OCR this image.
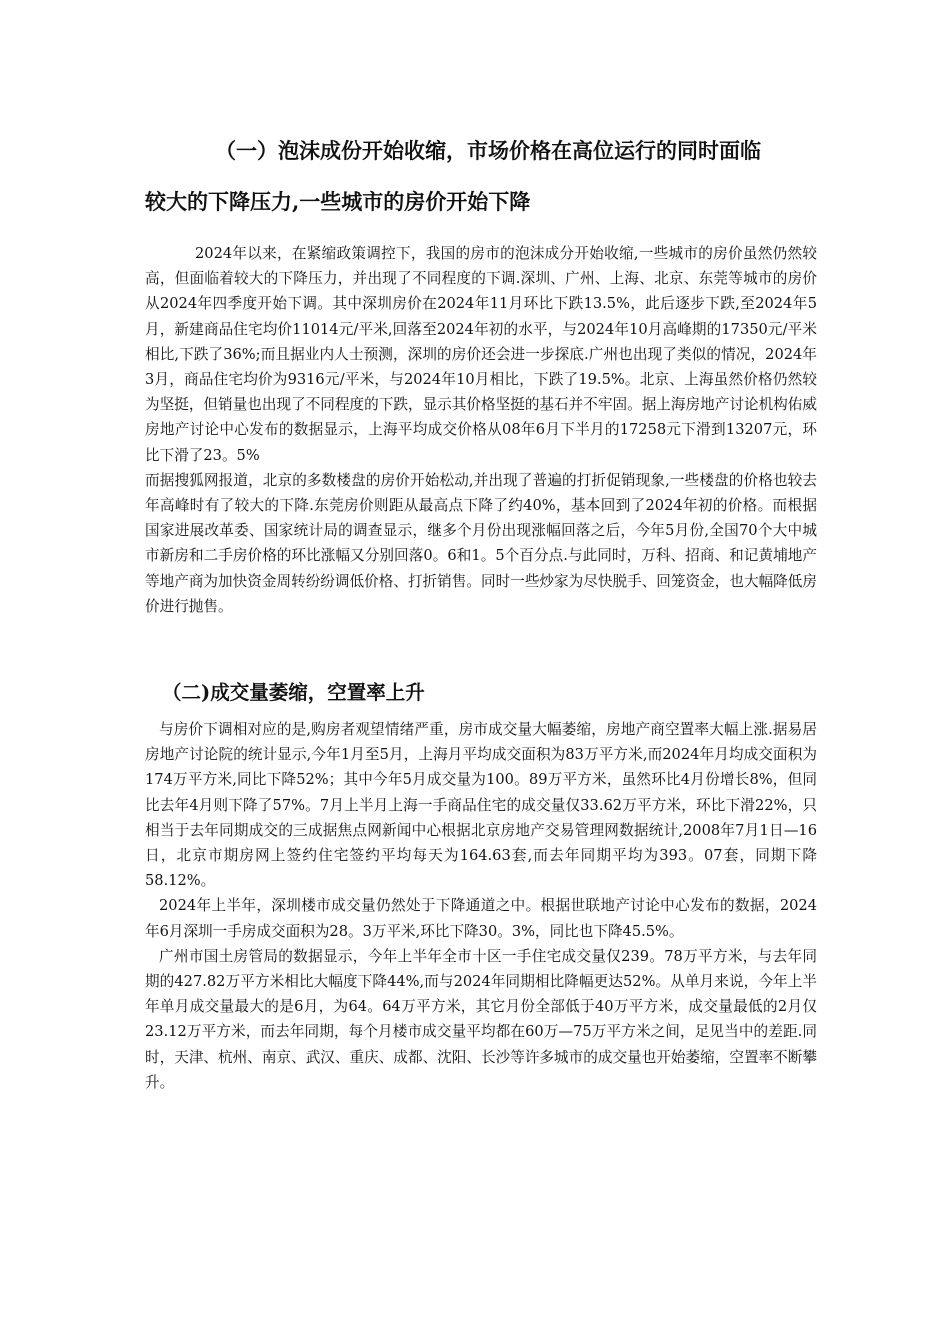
（一）泡沫成份开始收缩，市场价格在高位运行的同时面临
较大的下降压力,一些城市的房价开始下降

2024年以来，在紧缩政策调控下，我国的房市的泡沫成分开始收缩,一些城市的房价虽然仍然较高，但面临着较大的下降压力，并出现了不同程度的下调.深圳、广州、上海、北京、东莞等城市的房价从2024年四季度开始下调。其中深圳房价在2024年11月环比下跌13.5%，此后逐步下跌,至2024年5月，新建商品住宅均价11014元/平米,回落至2024年初的水平，与2024年10月高峰期的17350元/平米相比,下跌了36%;而且据业内人士预测，深圳的房价还会进一步探底.广州也出现了类似的情况，2024年3月，商品住宅均价为9316元/平米，与2024年10月相比，下跌了19.5%。北京、上海虽然价格仍然较为坚挺，但销量也出现了不同程度的下跌，显示其价格坚挺的基石并不牢固。据上海房地产讨论机构佑威房地产讨论中心发布的数据显示，上海平均成交价格从08年6月下半月的17258元下滑到13207元，环比下滑了23。5%

而据搜狐网报道，北京的多数楼盘的房价开始松动,并出现了普遍的打折促销现象,一些楼盘的价格也较去年高峰时有了较大的下降.东莞房价则距从最高点下降了约40%，基本回到了2024年初的价格。而根据国家进展改革委、国家统计局的调查显示，继多个月份出现涨幅回落之后，今年5月份,全国70个大中城市新房和二手房价格的环比涨幅又分别回落0。6和1。5个百分点.与此同时，万科、招商、和记黄埔地产等地产商为加快资金周转纷纷调低价格、打折销售。同时一些炒家为尽快脱手、回笼资金，也大幅降低房价进行抛售。

（二)成交量萎缩，空置率上升

与房价下调相对应的是,购房者观望情绪严重，房市成交量大幅萎缩，房地产商空置率大幅上涨.据易居房地产讨论院的统计显示,今年1月至5月，上海月平均成交面积为83万平方米,而2024年月均成交面积为174万平方米,同比下降52%；其中今年5月成交量为100。89万平方米，虽然环比4月份增长8%，但同比去年4月则下降了57%。7月上半月上海一手商品住宅的成交量仅33.62万平方米，环比下滑22%，只相当于去年同期成交的三成据焦点网新闻中心根据北京房地产交易管理网数据统计,2008年7月1日—16日，北京市期房网上签约住宅签约平均每天为164.63套,而去年同期平均为393。07套，同期下降58.12%。

2024年上半年，深圳楼市成交量仍然处于下降通道之中。根据世联地产讨论中心发布的数据，2024年6月深圳一手房成交面积为28。3万平米,环比下降30。3%，同比也下降45.5%。

广州市国土房管局的数据显示，今年上半年全市十区一手住宅成交量仅239。78万平方米，与去年同期的427.82万平方米相比大幅度下降44%,而与2024年同期相比降幅更达52%。从单月来说，今年上半年单月成交量最大的是6月，为64。64万平方米，其它月份全部低于40万平方米，成交量最低的2月仅23.12万平方米，而去年同期，每个月楼市成交量平均都在60万—75万平方米之间，足见当中的差距.同时，天津、杭州、南京、武汉、重庆、成都、沈阳、长沙等许多城市的成交量也开始萎缩，空置率不断攀升。
